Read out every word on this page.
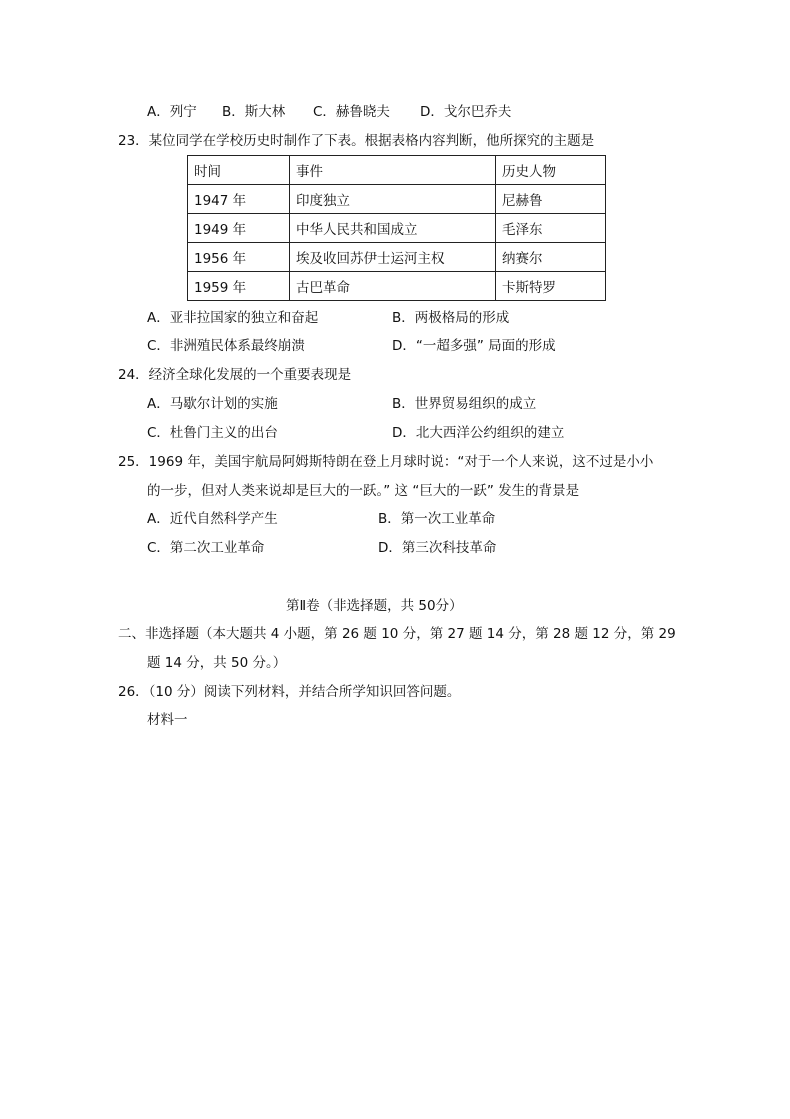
A．列宁 B．斯大林 C．赫鲁晓夫 D．戈尔巴乔夫
23．某位同学在学校历史时制作了下表。根据表格内容判断，他所探究的主题是
时间	事件	历史人物
1947 年	印度独立	尼赫鲁
1949 年	中华人民共和国成立	毛泽东
1956 年	埃及收回苏伊士运河主权	纳赛尔
1959 年	古巴革命	卡斯特罗
A．亚非拉国家的独立和奋起	B．两极格局的形成
C．非洲殖民体系最终崩溃	D．“一超多强” 局面的形成
24．经济全球化发展的一个重要表现是
A．马歇尔计划的实施	B．世界贸易组织的成立
C．杜鲁门主义的出台	D．北大西洋公约组织的建立
25．1969 年，美国宇航局阿姆斯特朗在登上月球时说：“对于一个人来说，这不过是小小
的一步，但对人类来说却是巨大的一跃。” 这 “巨大的一跃” 发生的背景是
A．近代自然科学产生	B．第一次工业革命
C．第二次工业革命	D．第三次科技革命
第Ⅱ卷（非选择题，共 50分）
二、非选择题（本大题共 4 小题，第 26 题 10 分，第 27 题 14 分，第 28 题 12 分，第 29
题 14 分，共 50 分。）
26．（10 分）阅读下列材料，并结合所学知识回答问题。
材料一
